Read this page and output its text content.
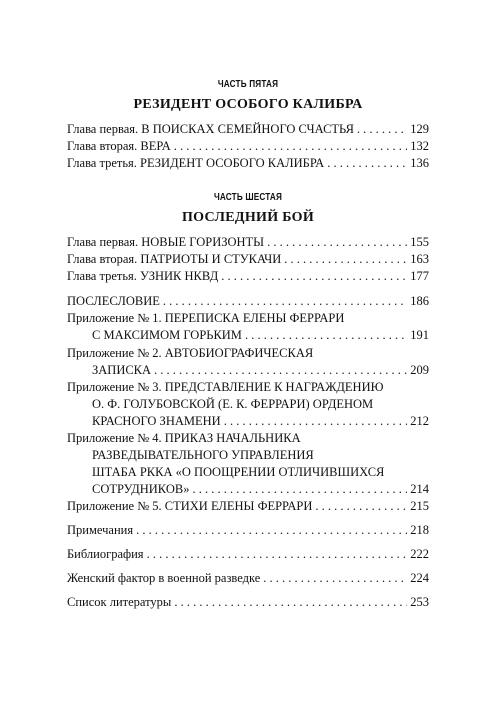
ЧАСТЬ ПЯТАЯ
РЕЗИДЕНТ ОСОБОГО КАЛИБРА
Глава первая. В ПОИСКАХ СЕМЕЙНОГО СЧАСТЬЯ . . .	129
Глава вторая. ВЕРА . . .	132
Глава третья. РЕЗИДЕНТ ОСОБОГО КАЛИБРА . . .	136
ЧАСТЬ ШЕСТАЯ
ПОСЛЕДНИЙ БОЙ
Глава первая. НОВЫЕ ГОРИЗОНТЫ . . .	155
Глава вторая. ПАТРИОТЫ И СТУКАЧИ . . .	163
Глава третья. УЗНИК НКВД . . .	177
ПОСЛЕСЛОВИЕ . . .	186
Приложение № 1. ПЕРЕПИСКА ЕЛЕНЫ ФЕРРАРИ
С МАКСИМОМ ГОРЬКИМ . . .	191
Приложение № 2. АВТОБИОГРАФИЧЕСКАЯ
ЗАПИСКА . . .	209
Приложение № 3. ПРЕДСТАВЛЕНИЕ К НАГРАЖДЕНИЮ
О. Ф. ГОЛУБОВСКОЙ (Е. К. ФЕРРАРИ) ОРДЕНОМ
КРАСНОГО ЗНАМЕНИ . . .	212
Приложение № 4. ПРИКАЗ НАЧАЛЬНИКА
РАЗВЕДЫВАТЕЛЬНОГО УПРАВЛЕНИЯ
ШТАБА РККА «О ПООЩРЕНИИ ОТЛИЧИВШИХСЯ
СОТРУДНИКОВ» . . .	214
Приложение № 5. СТИХИ ЕЛЕНЫ ФЕРРАРИ . . .	215
Примечания . . .	218
Библиография . . .	222
Женский фактор в военной разведке . . .	224
Список литературы . . .	253
